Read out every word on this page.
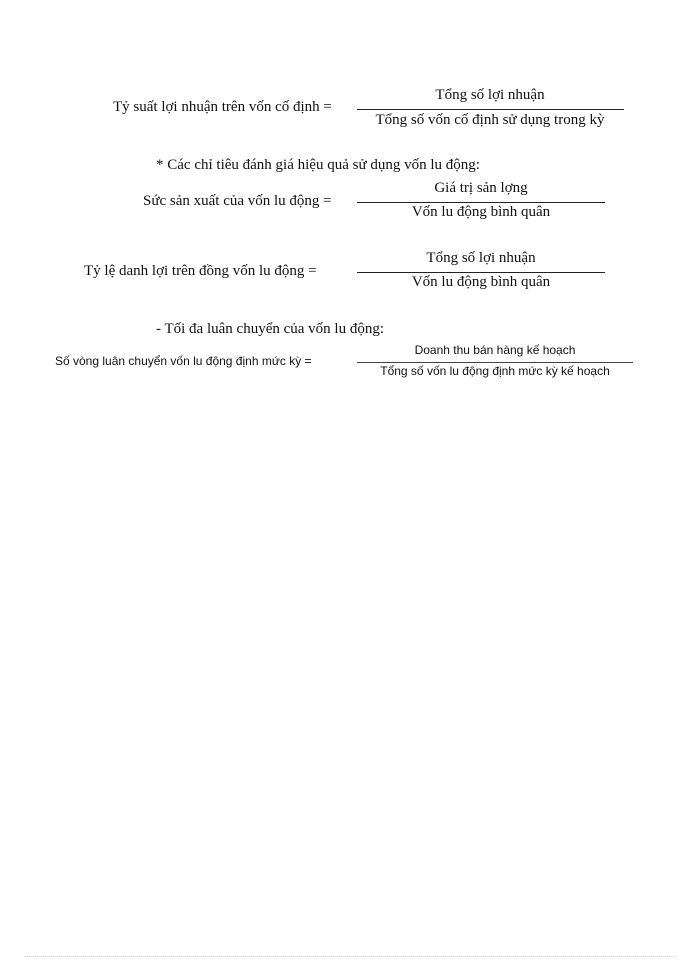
Tỷ suất lợi nhuận trên vốn cố định =
Tổng số lợi nhuận
Tổng số vốn cố định sử dụng trong kỳ
* Các chỉ tiêu đánh giá hiệu quả sử dụng vốn lu động:
Sức sản xuất của vốn lu động =
Giá trị sản lợng
Vốn lu động bình quân
Tỷ lệ danh lợi trên đồng vốn lu động =
Tổng số lợi nhuận
Vốn lu động bình quân
- Tối đa luân chuyển của vốn lu động:
Số vòng luân chuyển vốn lu động định mức kỳ =
Doanh thu bán hàng kế hoạch
Tổng số vốn lu động định mức kỳ kế hoạch
